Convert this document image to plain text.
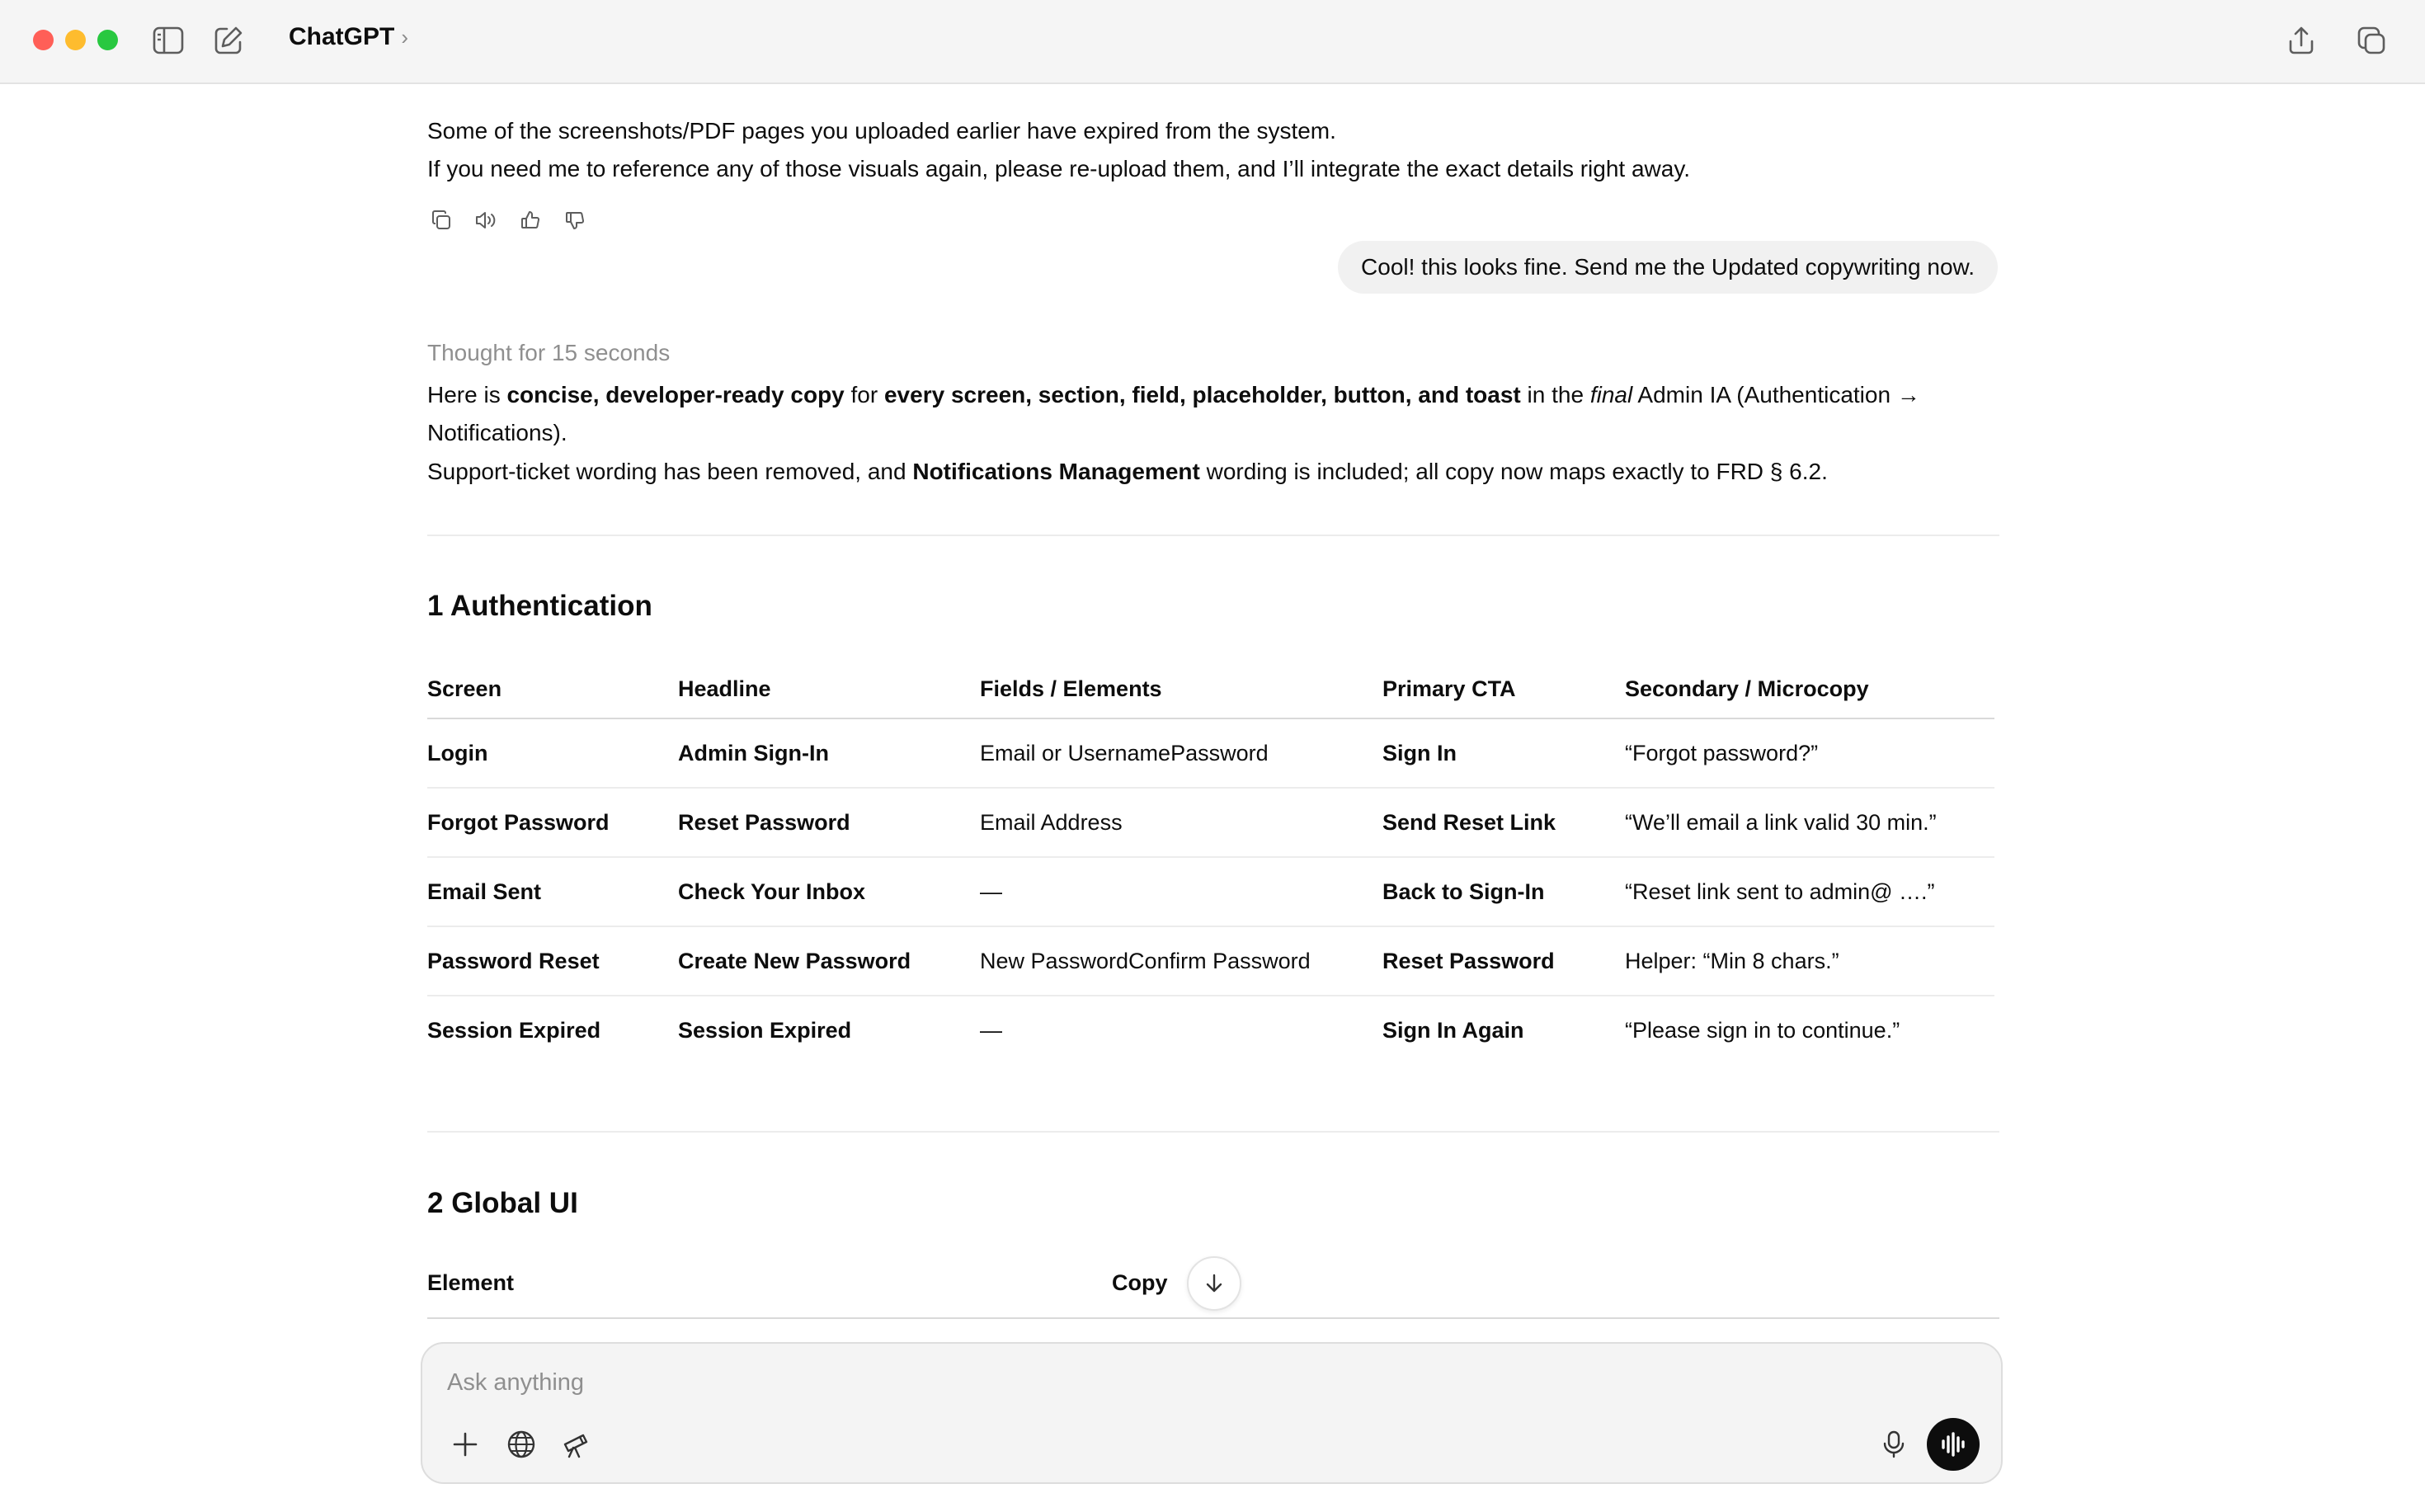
ChatGPT ›
Some of the screenshots/PDF pages you uploaded earlier have expired from the system.
If you need me to reference any of those visuals again, please re-upload them, and I’ll integrate the exact details right away.
Cool! this looks fine. Send me the Updated copywriting now.
Thought for 15 seconds
Here is concise, developer-ready copy for every screen, section, field, placeholder, button, and toast in the final Admin IA (Authentication →
Notifications).
Support-ticket wording has been removed, and Notifications Management wording is included; all copy now maps exactly to FRD § 6.2.
1 Authentication
Screen	Headline	Fields / Elements	Primary CTA	Secondary / Microcopy
Login	Admin Sign-In	Email or UsernamePassword	Sign In	“Forgot password?”
Forgot Password	Reset Password	Email Address	Send Reset Link	“We’ll email a link valid 30 min.”
Email Sent	Check Your Inbox	—	Back to Sign-In	“Reset link sent to admin@ ….”
Password Reset	Create New Password	New PasswordConfirm Password	Reset Password	Helper: “Min 8 chars.”
Session Expired	Session Expired	—	Sign In Again	“Please sign in to continue.”
2 Global UI
Element	Copy
Ask anything
